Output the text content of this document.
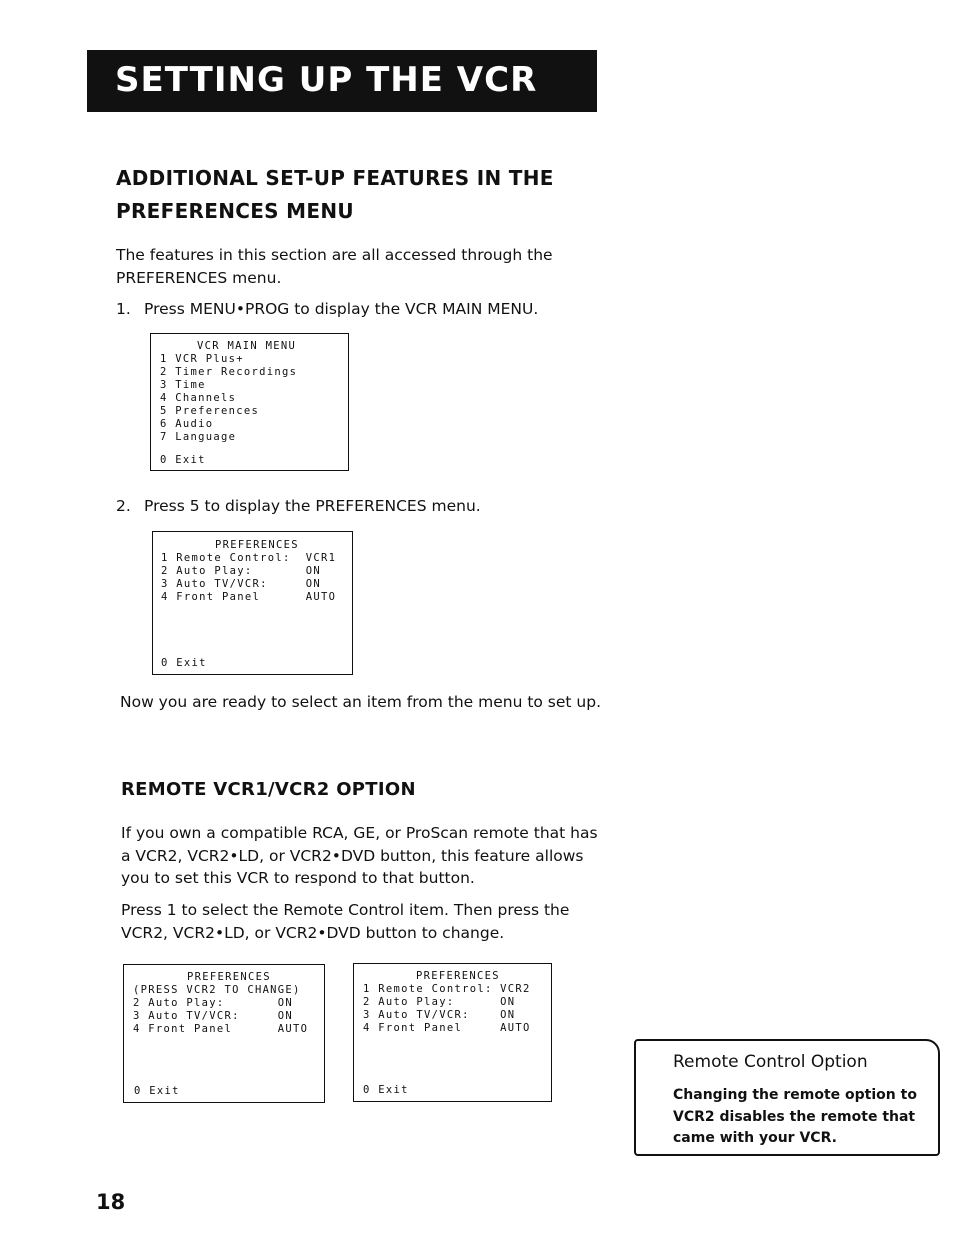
SETTING UP THE VCR
ADDITIONAL SET-UP FEATURES IN THE
PREFERENCES MENU
The features in this section are all accessed through the
PREFERENCES menu.
1. Press MENU•PROG to display the VCR MAIN MENU.
VCR MAIN MENU
1 VCR Plus+
2 Timer Recordings
3 Time
4 Channels
5 Preferences
6 Audio
7 Language
0 Exit
2. Press 5 to display the PREFERENCES menu.
PREFERENCES
1 Remote Control:  VCR1
2 Auto Play:       ON
3 Auto TV/VCR:     ON
4 Front Panel      AUTO
0 Exit
Now you are ready to select an item from the menu to set up.
REMOTE VCR1/VCR2 OPTION
If you own a compatible RCA, GE, or ProScan remote that has
a VCR2, VCR2•LD, or VCR2•DVD button, this feature allows
you to set this VCR to respond to that button.
Press 1 to select the Remote Control item. Then press the
VCR2, VCR2•LD, or VCR2•DVD button to change.
PREFERENCES
(PRESS VCR2 TO CHANGE)
2 Auto Play:       ON
3 Auto TV/VCR:     ON
4 Front Panel      AUTO
0 Exit
PREFERENCES
1 Remote Control: VCR2
2 Auto Play:      ON
3 Auto TV/VCR:    ON
4 Front Panel     AUTO
0 Exit
Remote Control Option
Changing the remote option to
VCR2 disables the remote that
came with your VCR.
18
